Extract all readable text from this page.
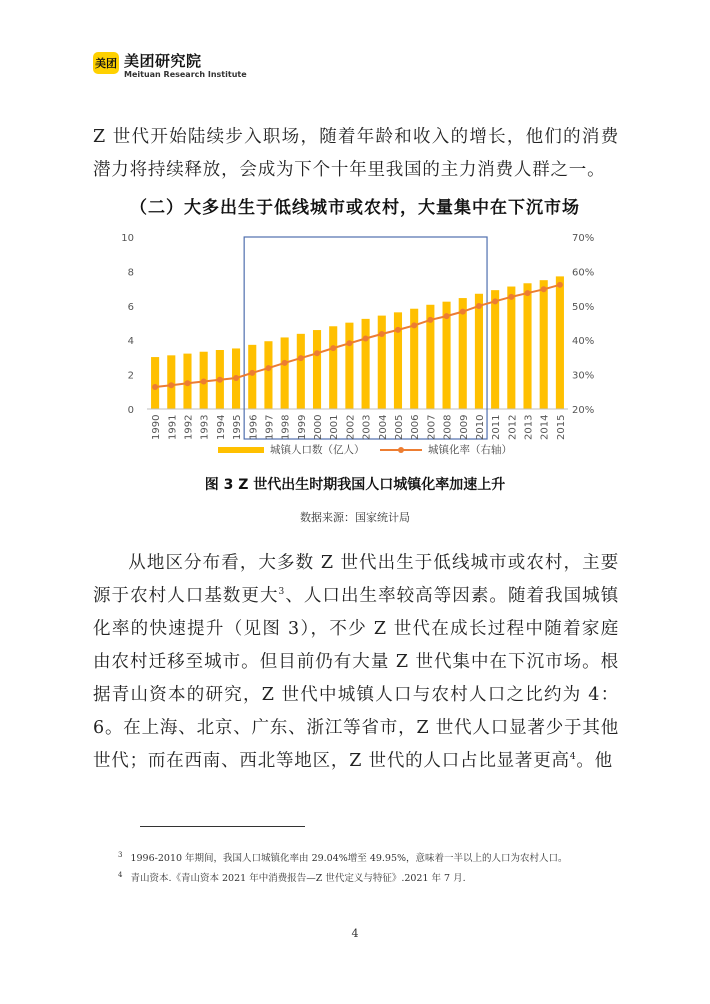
美团 美团研究院
Meituan Research Institute

Z 世代开始陆续步入职场，随着年龄和收入的增长，他们的消费潜力将持续释放，会成为下个十年里我国的主力消费人群之一。

（二）大多出生于低线城市或农村，大量集中在下沉市场
0
2
4
6
8
10
20%
30%
40%
50%
60%
70%
1990 1991 1992 1993 1994 1995 1996 1997 1998 1999 2000 2001 2002 2003 2004 2005 2006 2007 2008 2009 2010 2011 2012 2013 2014 2015
城镇人口数（亿人）	城镇化率（右轴）
图 3 Z 世代出生时期我国人口城镇化率加速上升
数据来源：国家统计局

从地区分布看，大多数 Z 世代出生于低线城市或农村，主要源于农村人口基数更大$^3$、人口出生率较高等因素。随着我国城镇化率的快速提升（见图 3），不少 Z 世代在成长过程中随着家庭由农村迁移至城市。但目前仍有大量 Z 世代集中在下沉市场。根据青山资本的研究，Z 世代中城镇人口与农村人口之比约为 4：6。在上海、北京、广东、浙江等省市，Z 世代人口显著少于其他世代；而在西南、西北等地区，Z 世代的人口占比显著更高$^4$。他

$^3$ 1996-2010 年期间，我国人口城镇化率由 29.04%增至 49.95%，意味着一半以上的人口为农村人口。
$^4$ 青山资本.《青山资本 2021 年中消费报告—Z 世代定义与特征》.2021 年 7 月.
4
